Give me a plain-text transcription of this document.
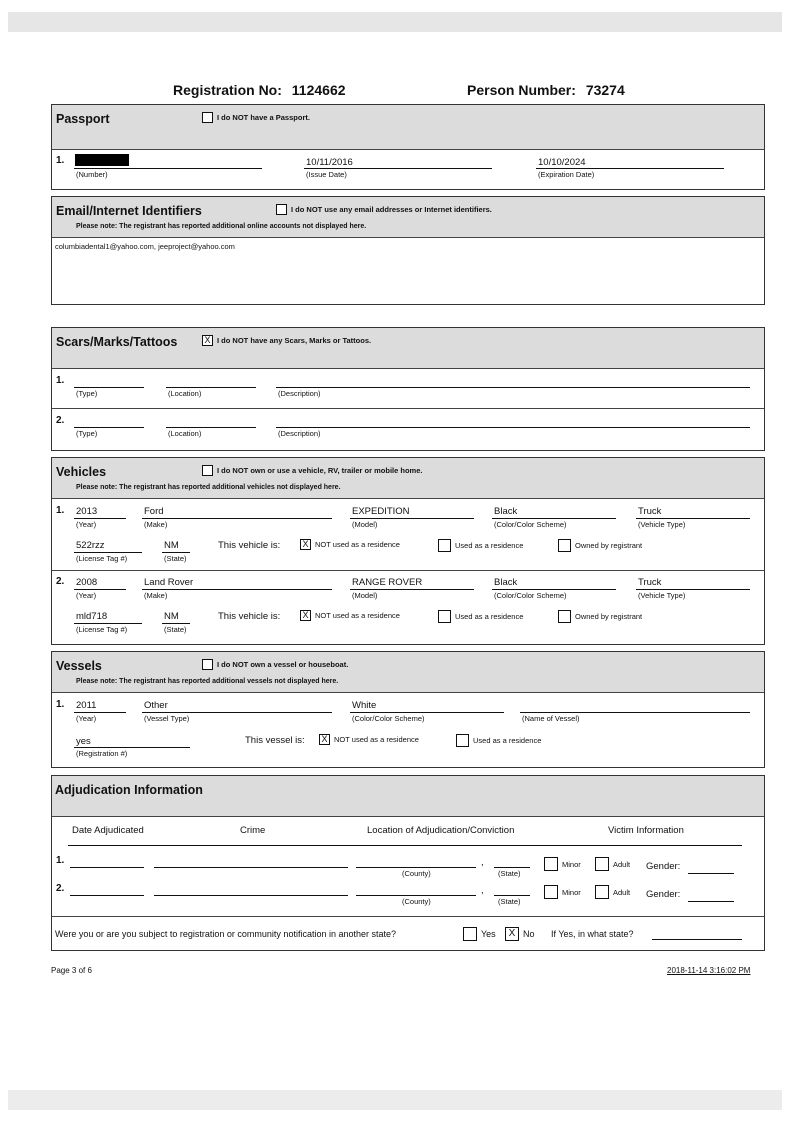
Registration No: 1124662	Person Number: 73274
Passport	I do NOT have a Passport.
1.
(Number)
10/11/2016
(Issue Date)
10/10/2024
(Expiration Date)
Email/Internet Identifiers	I do NOT use any email addresses or Internet identifiers.
Please note: The registrant has reported additional online accounts not displayed here.
columbiadental1@yahoo.com, jeeproject@yahoo.com
Scars/Marks/Tattoos	X I do NOT have any Scars, Marks or Tattoos.
1.
(Type)	(Location)	(Description)
2.
(Type)	(Location)	(Description)
Vehicles	I do NOT own or use a vehicle, RV, trailer or mobile home.
Please note: The registrant has reported additional vehicles not displayed here.
1. 2013
(Year)
Ford
(Make)
EXPEDITION
(Model)
Black
(Color/Color Scheme)
Truck
(Vehicle Type)
522rzz
(License Tag #)
NM
(State)
This vehicle is: X NOT used as a residence	Used as a residence	Owned by registrant
2. 2008
(Year)
Land Rover
(Make)
RANGE ROVER
(Model)
Black
(Color/Color Scheme)
Truck
(Vehicle Type)
mld718
(License Tag #)
NM
(State)
This vehicle is: X NOT used as a residence	Used as a residence	Owned by registrant
Vessels	I do NOT own a vessel or houseboat.
Please note: The registrant has reported additional vessels not displayed here.
1. 2011
(Year)
Other
(Vessel Type)
White
(Color/Color Scheme)	(Name of Vessel)
yes
(Registration #)
This vessel is: X NOT used as a residence	Used as a residence
Adjudication Information
Date Adjudicated	Crime	Location of Adjudication/Conviction	Victim Information
1.
(County)
,
(State)
Minor	Adult Gender:
2.
(County)
,
(State)
Minor	Adult Gender:
Were you or are you subject to registration or community notification in another state?	Yes	X No If Yes, in what state?
Page 3 of 6	2018-11-14 3:16:02 PM
